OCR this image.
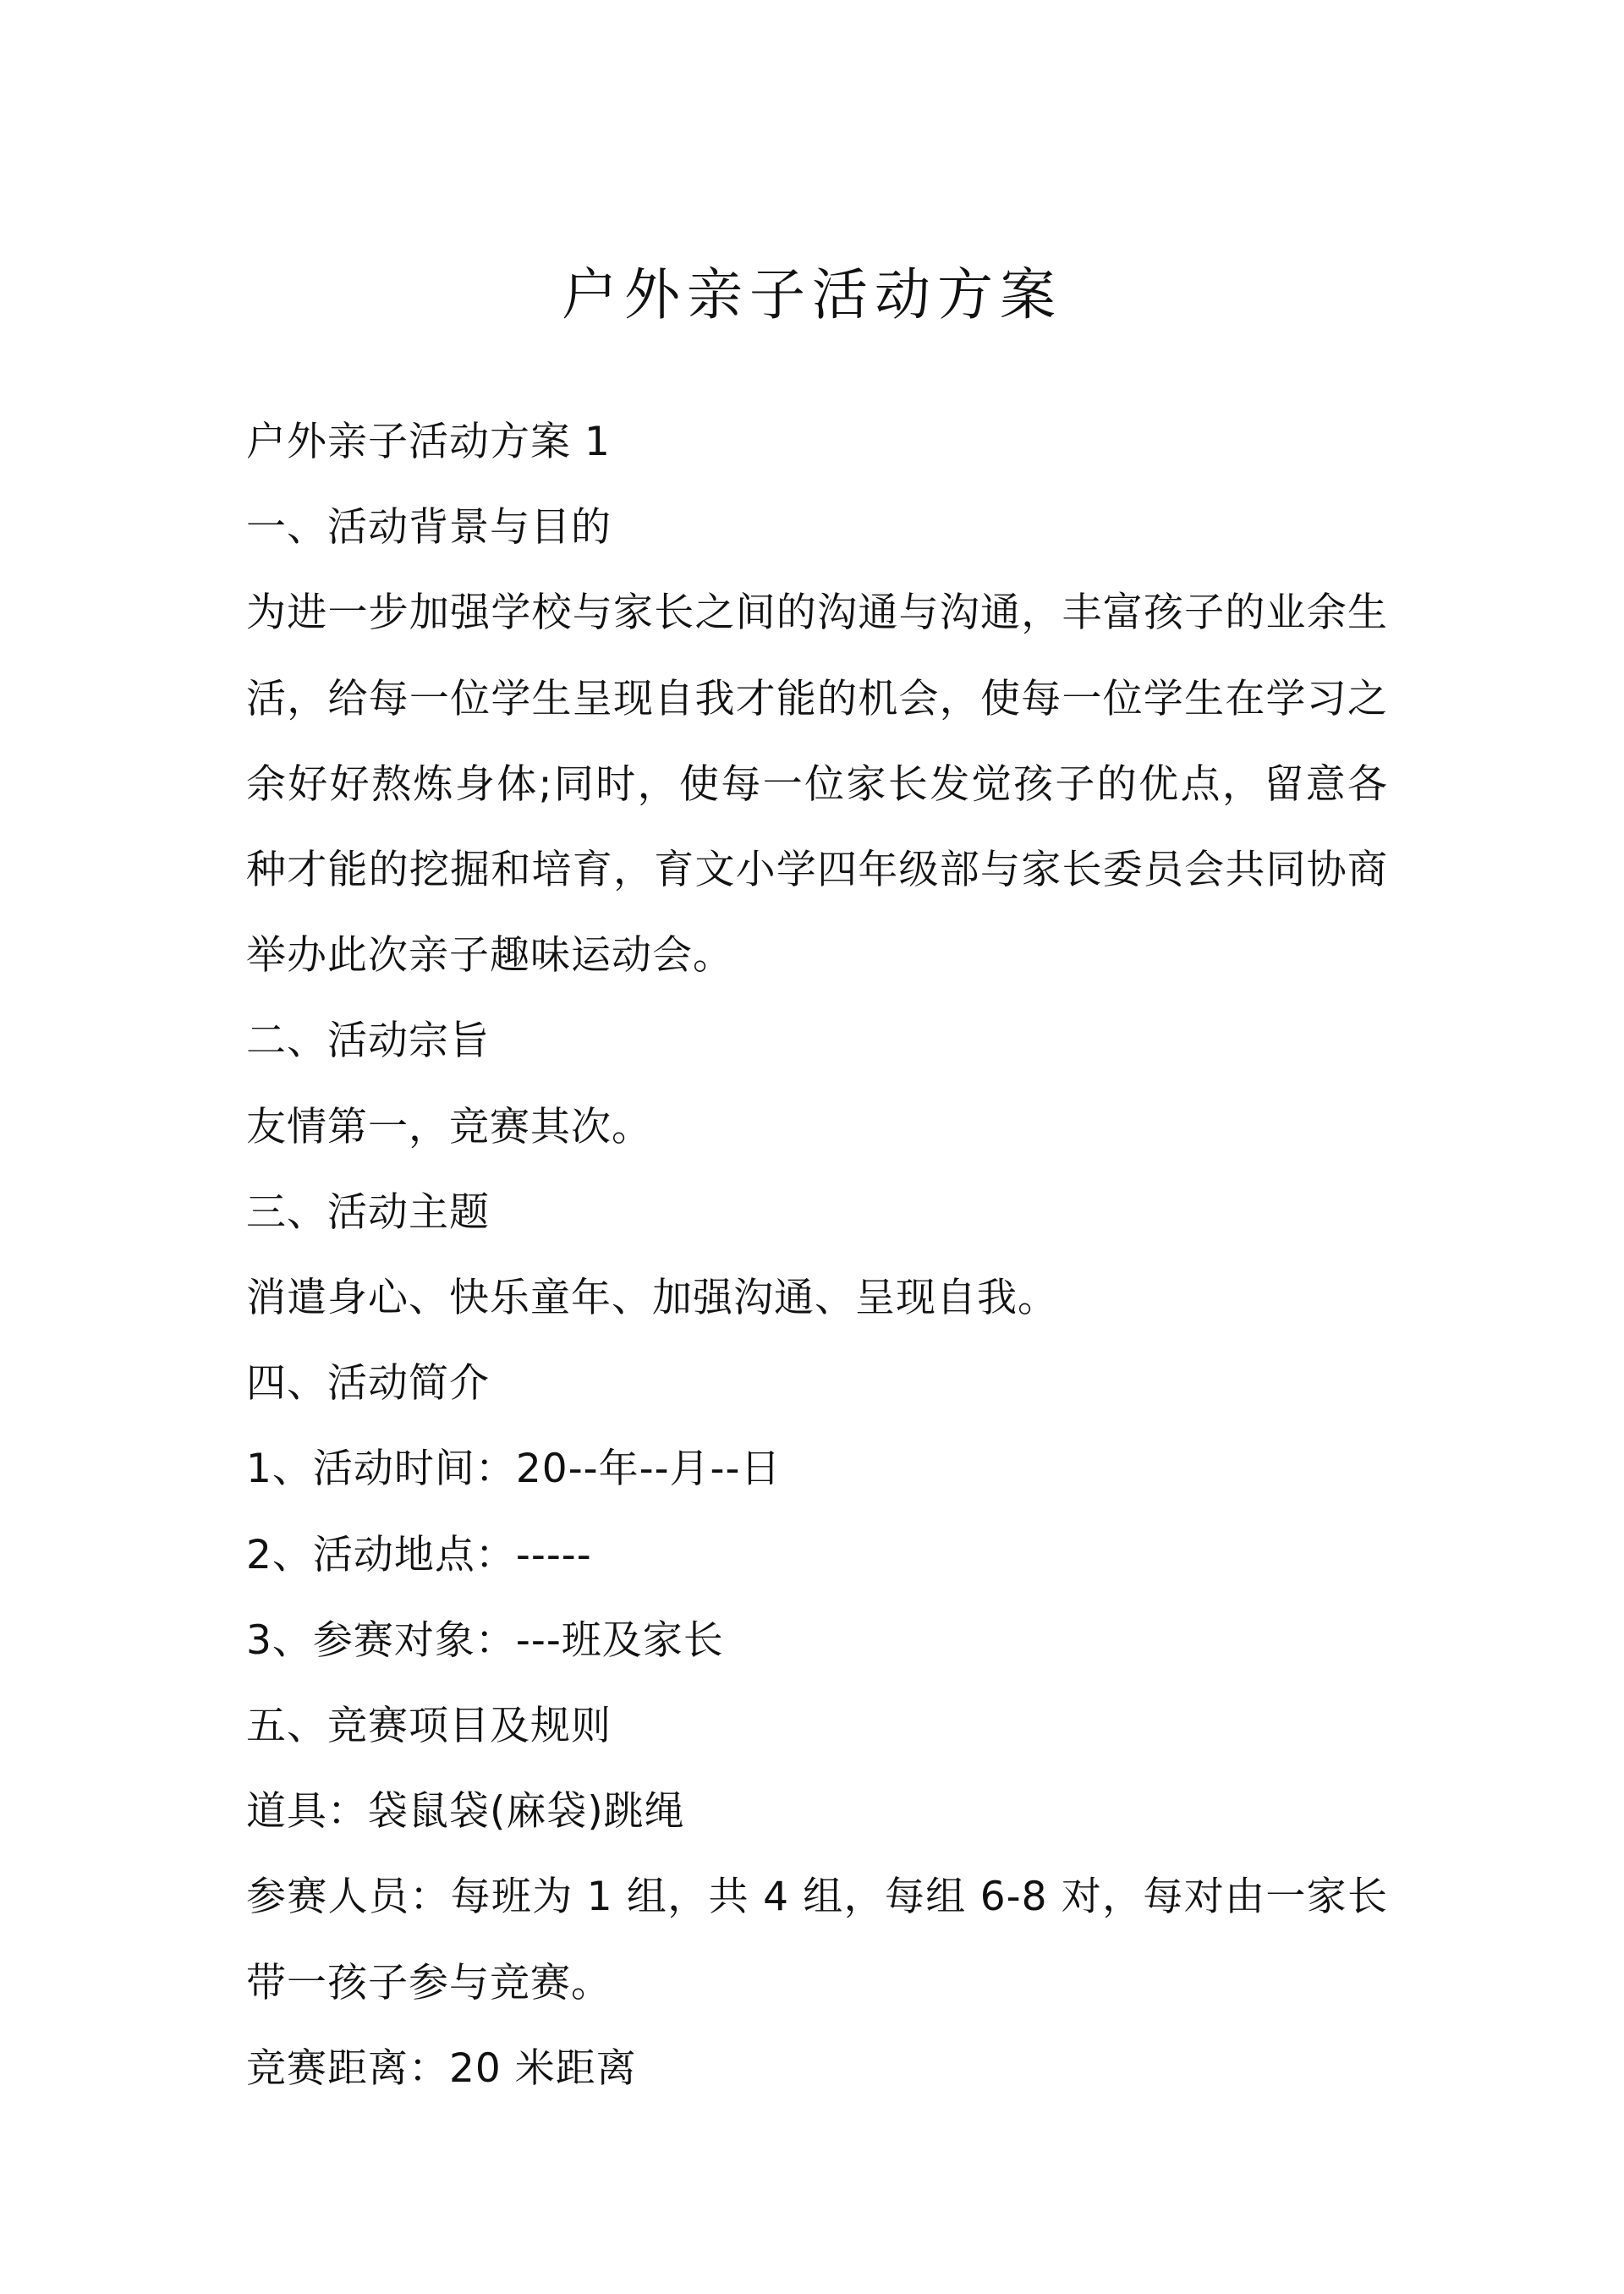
户外亲子活动方案

户外亲子活动方案 1

一、活动背景与目的

为进一步加强学校与家长之间的沟通与沟通，丰富孩子的业余生活，给每一位学生呈现自我才能的机会，使每一位学生在学习之余好好熬炼身体;同时，使每一位家长发觉孩子的优点，留意各种才能的挖掘和培育，育文小学四年级部与家长委员会共同协商举办此次亲子趣味运动会。

二、活动宗旨

友情第一，竞赛其次。

三、活动主题

消遣身心、快乐童年、加强沟通、呈现自我。

四、活动简介

1、活动时间：20--年--月--日

2、活动地点：-----

3、参赛对象：---班及家长

五、竞赛项目及规则

道具：袋鼠袋(麻袋)跳绳

参赛人员：每班为 1 组，共 4 组，每组 6-8 对，每对由一家长带一孩子参与竞赛。

竞赛距离：20 米距离
